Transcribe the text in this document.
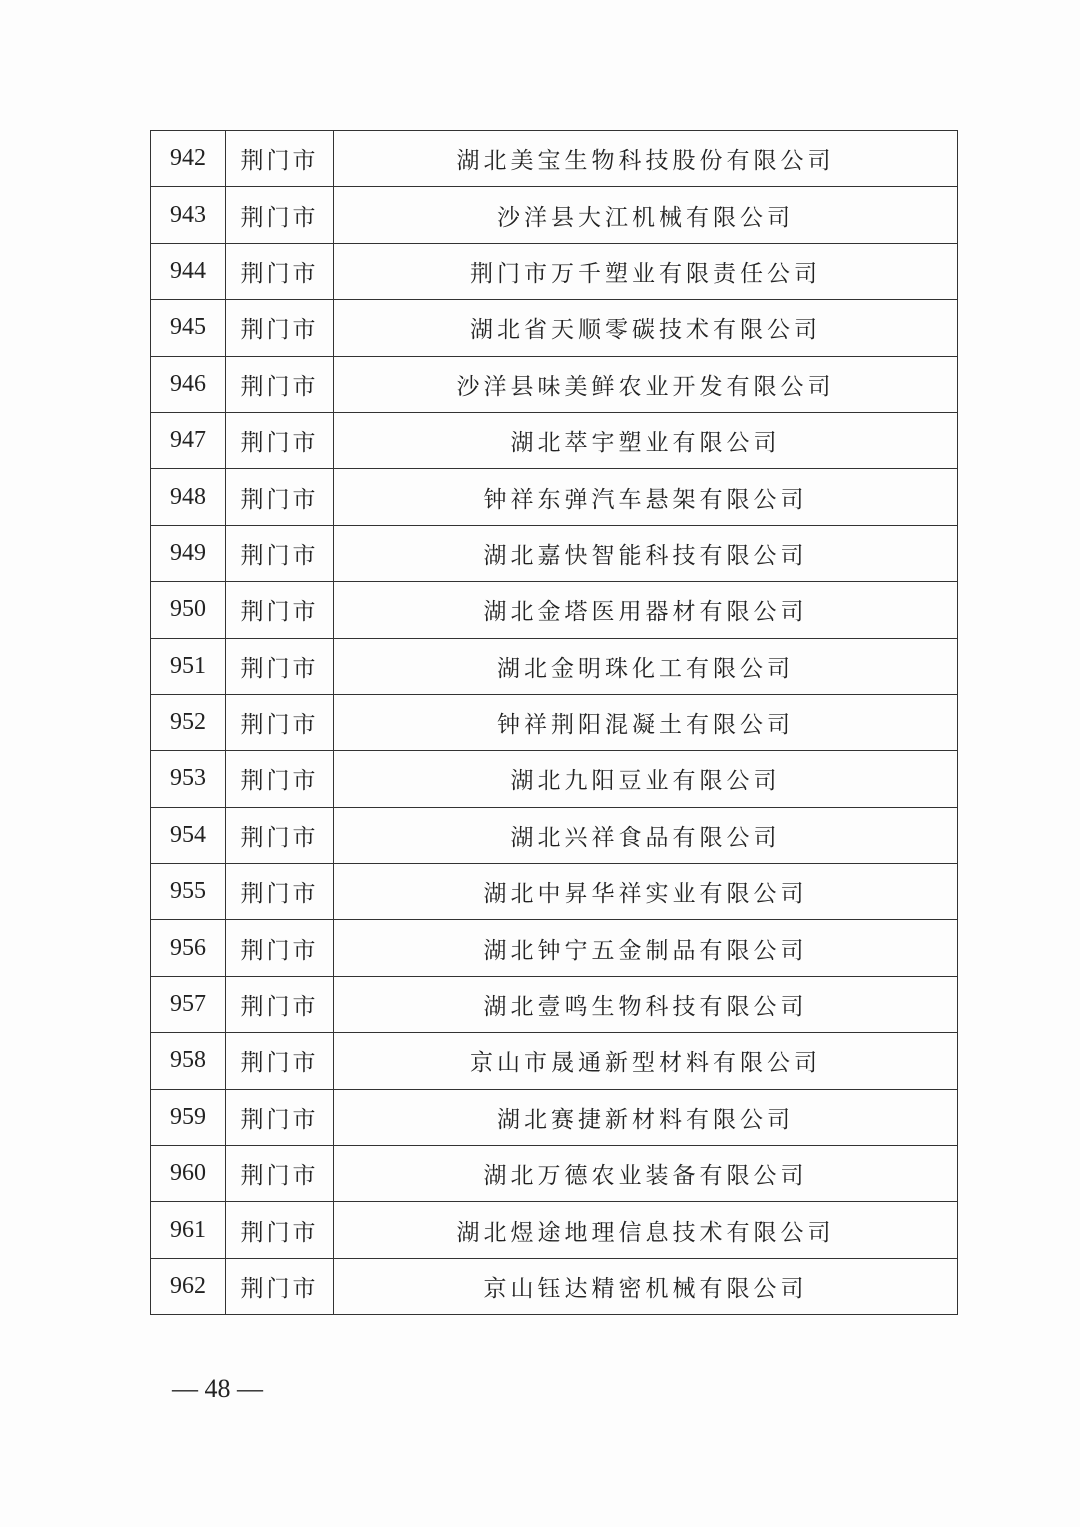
942	荆门市	湖北美宝生物科技股份有限公司
943	荆门市	沙洋县大江机械有限公司
944	荆门市	荆门市万千塑业有限责任公司
945	荆门市	湖北省天顺零碳技术有限公司
946	荆门市	沙洋县味美鲜农业开发有限公司
947	荆门市	湖北萃宇塑业有限公司
948	荆门市	钟祥东弹汽车悬架有限公司
949	荆门市	湖北嘉快智能科技有限公司
950	荆门市	湖北金塔医用器材有限公司
951	荆门市	湖北金明珠化工有限公司
952	荆门市	钟祥荆阳混凝土有限公司
953	荆门市	湖北九阳豆业有限公司
954	荆门市	湖北兴祥食品有限公司
955	荆门市	湖北中昇华祥实业有限公司
956	荆门市	湖北钟宁五金制品有限公司
957	荆门市	湖北壹鸣生物科技有限公司
958	荆门市	京山市晟通新型材料有限公司
959	荆门市	湖北赛捷新材料有限公司
960	荆门市	湖北万德农业装备有限公司
961	荆门市	湖北煜途地理信息技术有限公司
962	荆门市	京山钰达精密机械有限公司
— 48 —
